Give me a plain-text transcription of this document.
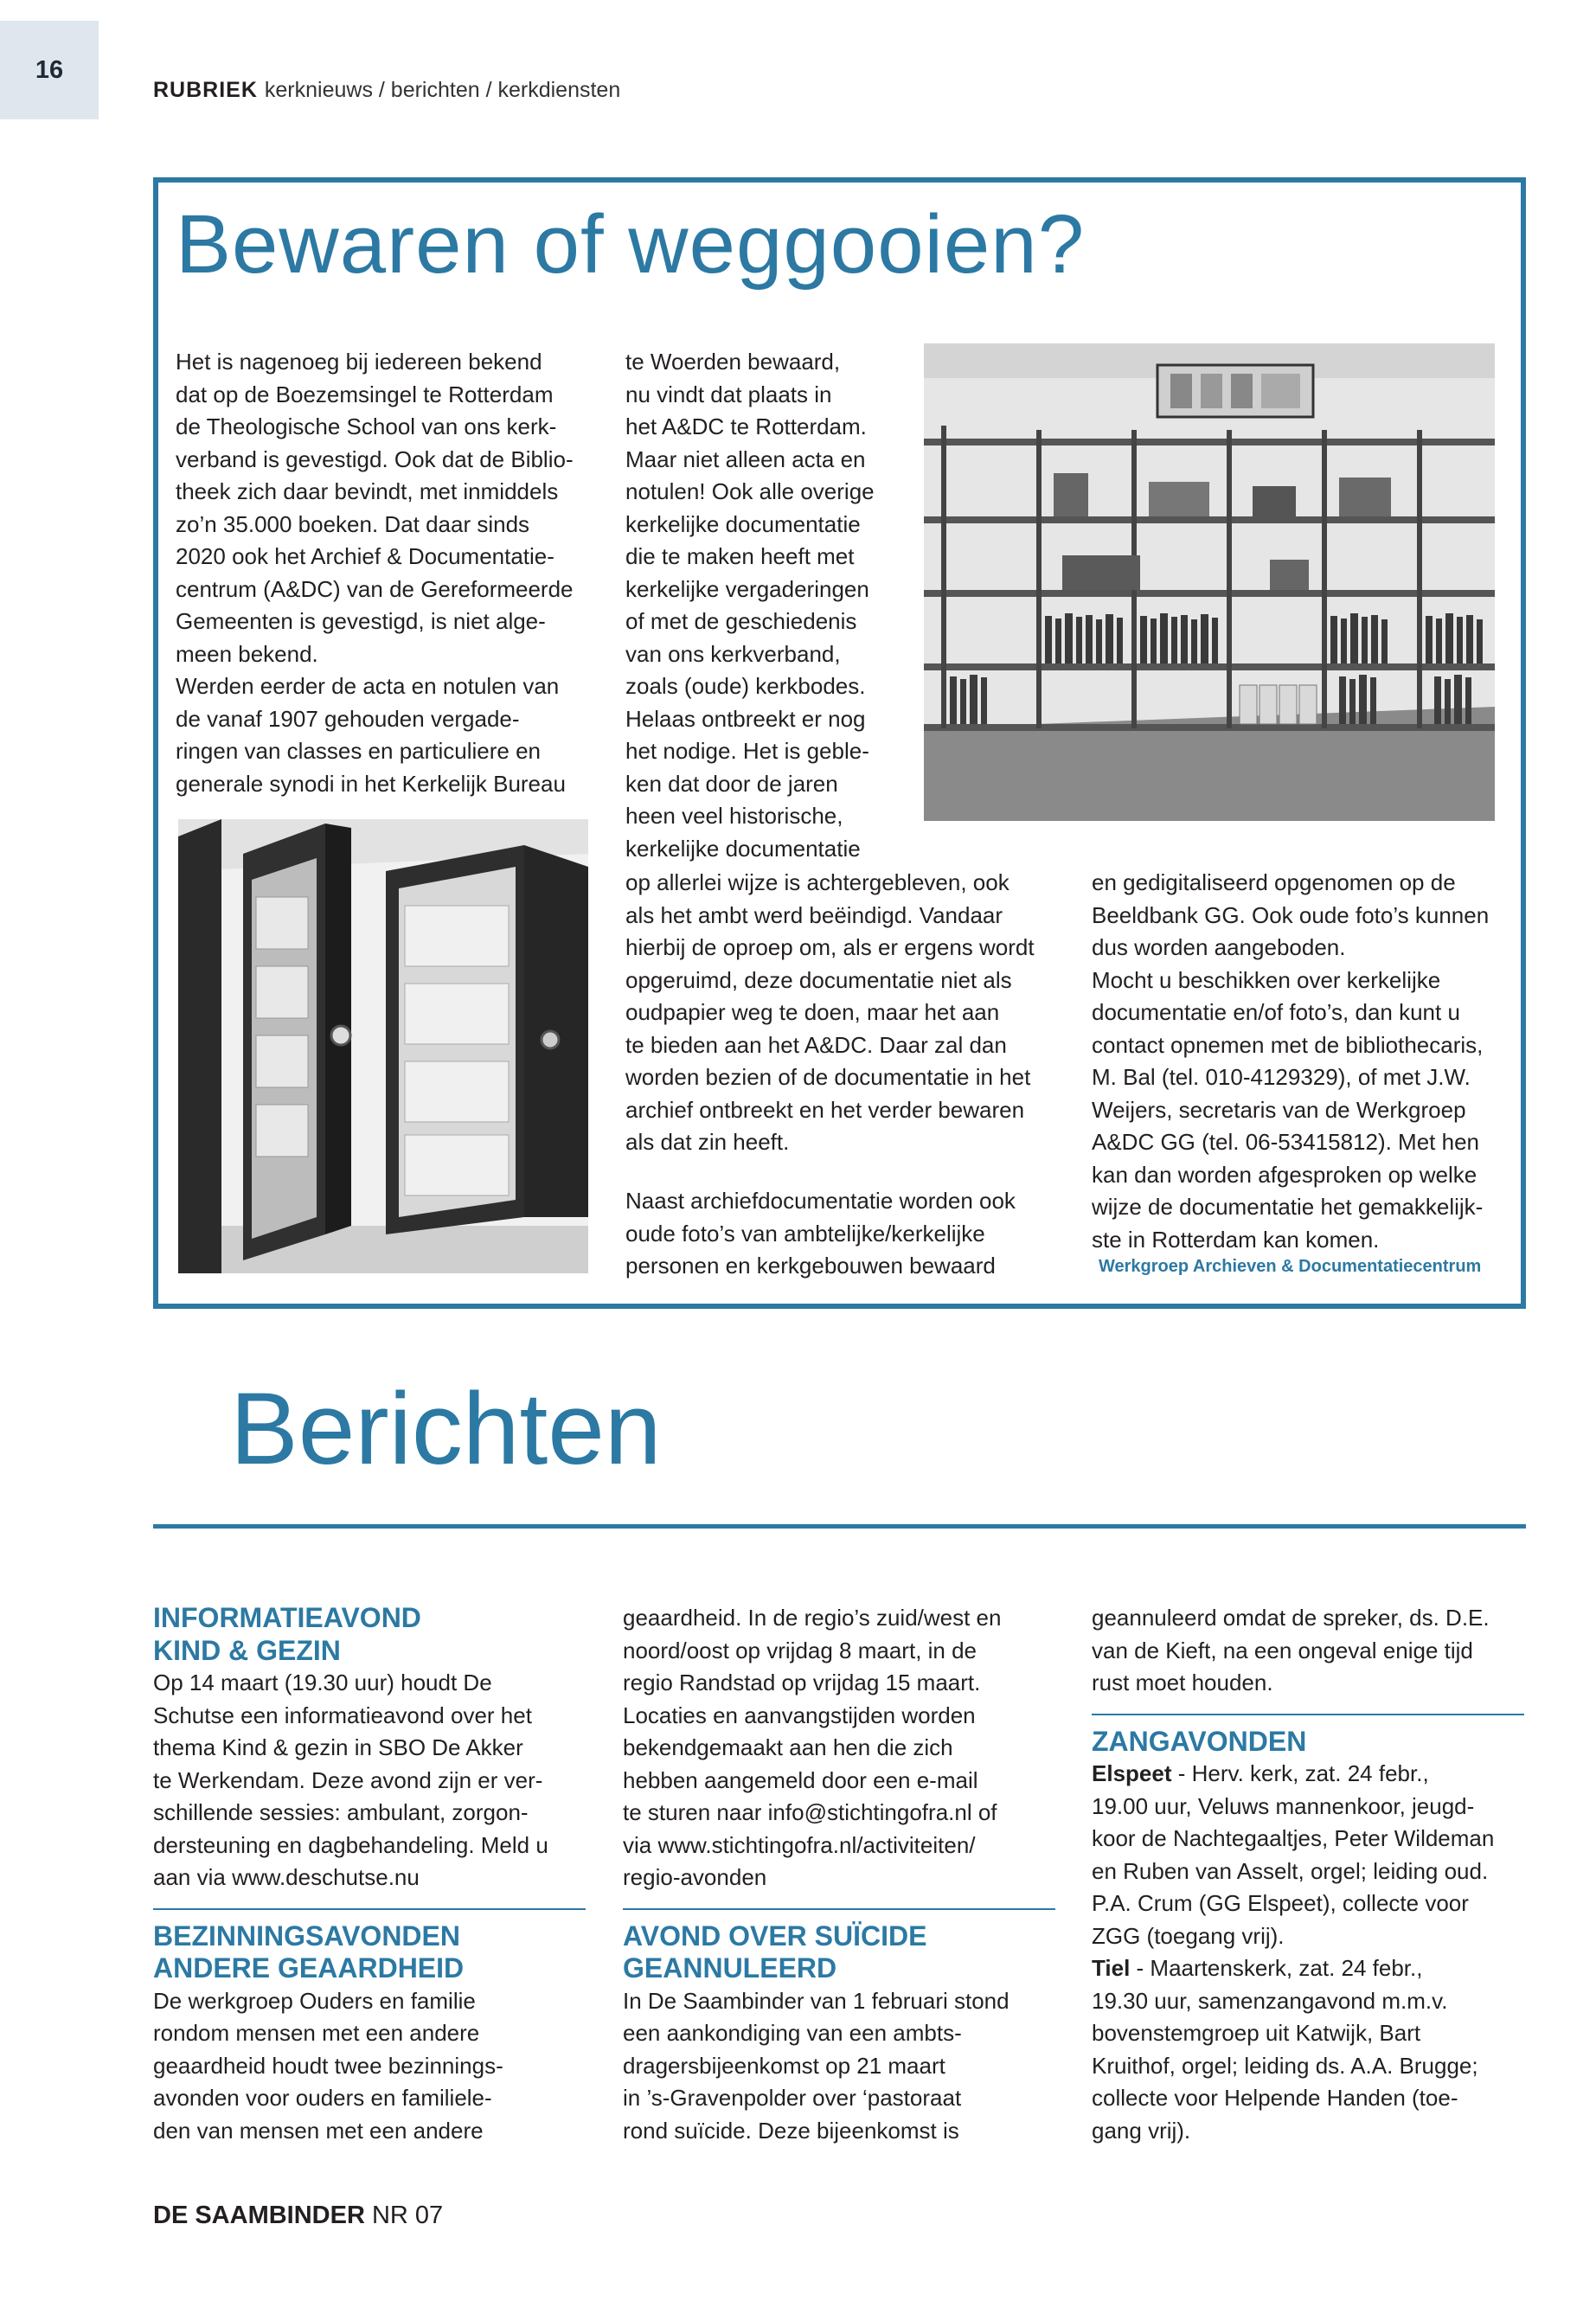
16
RUBRIEK kerknieuws / berichten / kerkdiensten
Bewaren of weggooien?

Het is nagenoeg bij iedereen bekend

dat op de Boezemsingel te Rotterdam

de Theologische School van ons kerk-

verband is gevestigd. Ook dat de Biblio-

theek zich daar bevindt, met inmiddels

zo’n 35.000 boeken. Dat daar sinds

2020 ook het Archief & Documentatie-

centrum (A&DC) van de Gereformeerde

Gemeenten is gevestigd, is niet alge-

meen bekend.

Werden eerder de acta en notulen van

de vanaf 1907 gehouden vergade-

ringen van classes en particuliere en

generale synodi in het Kerkelijk Bureau

te Woerden bewaard,

nu vindt dat plaats in

het A&DC te Rotterdam.

Maar niet alleen acta en

notulen! Ook alle overige

kerkelijke documentatie

die te maken heeft met

kerkelijke vergaderingen

of met de geschiedenis

van ons kerkverband,

zoals (oude) kerkbodes.

Helaas ontbreekt er nog

het nodige. Het is geble-

ken dat door de jaren

heen veel historische,

kerkelijke documentatie

op allerlei wijze is achtergebleven, ook

als het ambt werd beëindigd. Vandaar

hierbij de oproep om, als er ergens wordt

opgeruimd, deze documentatie niet als

oudpapier weg te doen, maar het aan

te bieden aan het A&DC. Daar zal dan

worden bezien of de documentatie in het

archief ontbreekt en het verder bewaren

als dat zin heeft.

Naast archiefdocumentatie worden ook

oude foto’s van ambtelijke/kerkelijke

personen en kerkgebouwen bewaard

en gedigitaliseerd opgenomen op de

Beeldbank GG. Ook oude foto’s kunnen

dus worden aangeboden.

Mocht u beschikken over kerkelijke

documentatie en/of foto’s, dan kunt u

contact opnemen met de bibliothecaris,

M. Bal (tel. 010-4129329), of met J.W.

Weijers, secretaris van de Werkgroep

A&DC GG (tel. 06-53415812). Met hen

kan dan worden afgesproken op welke

wijze de documentatie het gemakkelijk-

ste in Rotterdam kan komen.

Werkgroep Archieven & Documentatiecentrum
Berichten
INFORMATIEAVOND
KIND & GEZIN

Op 14 maart (19.30 uur) houdt De

Schutse een informatieavond over het

thema Kind & gezin in SBO De Akker

te Werkendam. Deze avond zijn er ver-

schillende sessies: ambulant, zorgon-

dersteuning en dagbehandeling. Meld u

aan via www.deschutse.nu

BEZINNINGSAVONDEN
ANDERE GEAARDHEID

De werkgroep Ouders en familie

rondom mensen met een andere

geaardheid houdt twee bezinnings-

avonden voor ouders en familiele-

den van mensen met een andere

geaardheid. In de regio’s zuid/west en

noord/oost op vrijdag 8 maart, in de

regio Randstad op vrijdag 15 maart.

Locaties en aanvangstijden worden

bekendgemaakt aan hen die zich

hebben aangemeld door een e-mail

te sturen naar info@stichtingofra.nl of

via www.stichtingofra.nl/activiteiten/

regio-avonden

AVOND OVER SUÏCIDE
GEANNULEERD

In De Saambinder van 1 februari stond

een aankondiging van een ambts-

dragersbijeenkomst op 21 maart

in ’s-Gravenpolder over ‘pastoraat

rond suïcide. Deze bijeenkomst is

geannuleerd omdat de spreker, ds. D.E.

van de Kieft, na een ongeval enige tijd

rust moet houden.

ZANGAVONDEN

Elspeet - Herv. kerk, zat. 24 febr.,

19.00 uur, Veluws mannenkoor, jeugd-

koor de Nachtegaaltjes, Peter Wildeman

en Ruben van Asselt, orgel; leiding oud.

P.A. Crum (GG Elspeet), collecte voor

ZGG (toegang vrij).

Tiel - Maartenskerk, zat. 24 febr.,

19.30 uur, samenzangavond m.m.v.

bovenstemgroep uit Katwijk, Bart

Kruithof, orgel; leiding ds. A.A. Brugge;

collecte voor Helpende Handen (toe-

gang vrij).

DE SAAMBINDER NR 07
